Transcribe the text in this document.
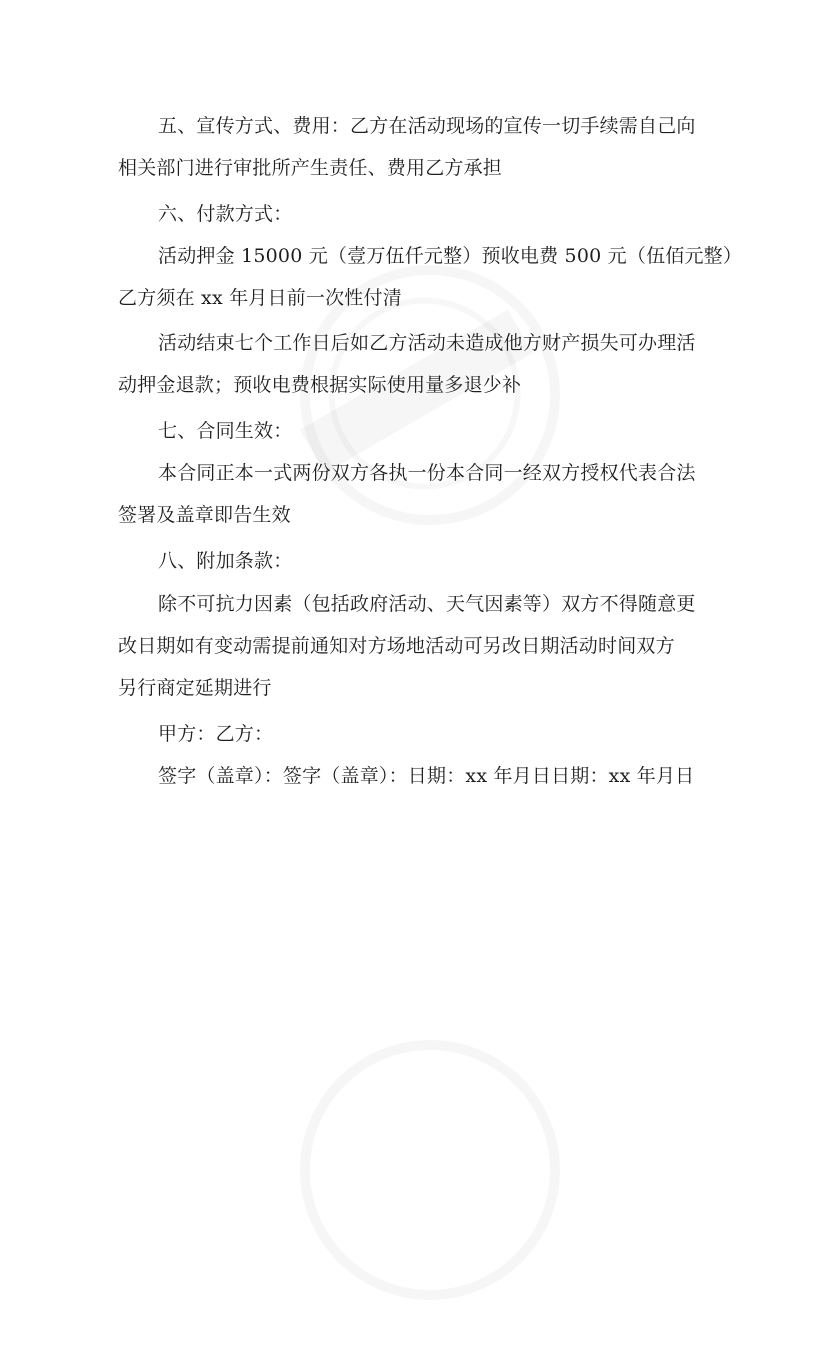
五、宣传方式、费用：乙方在活动现场的宣传一切手续需自己向
相关部门进行审批所产生责任、费用乙方承担
六、付款方式：
活动押金 15000 元（壹万伍仟元整）预收电费 500 元（伍佰元整）
乙方须在 xx 年月日前一次性付清
活动结束七个工作日后如乙方活动未造成他方财产损失可办理活
动押金退款；预收电费根据实际使用量多退少补
七、合同生效：
本合同正本一式两份双方各执一份本合同一经双方授权代表合法
签署及盖章即告生效
八、附加条款：
除不可抗力因素（包括政府活动、天气因素等）双方不得随意更
改日期如有变动需提前通知对方场地活动可另改日期活动时间双方
另行商定延期进行
甲方：乙方：
签字（盖章）：签字（盖章）：日期：xx 年月日日期：xx 年月日
